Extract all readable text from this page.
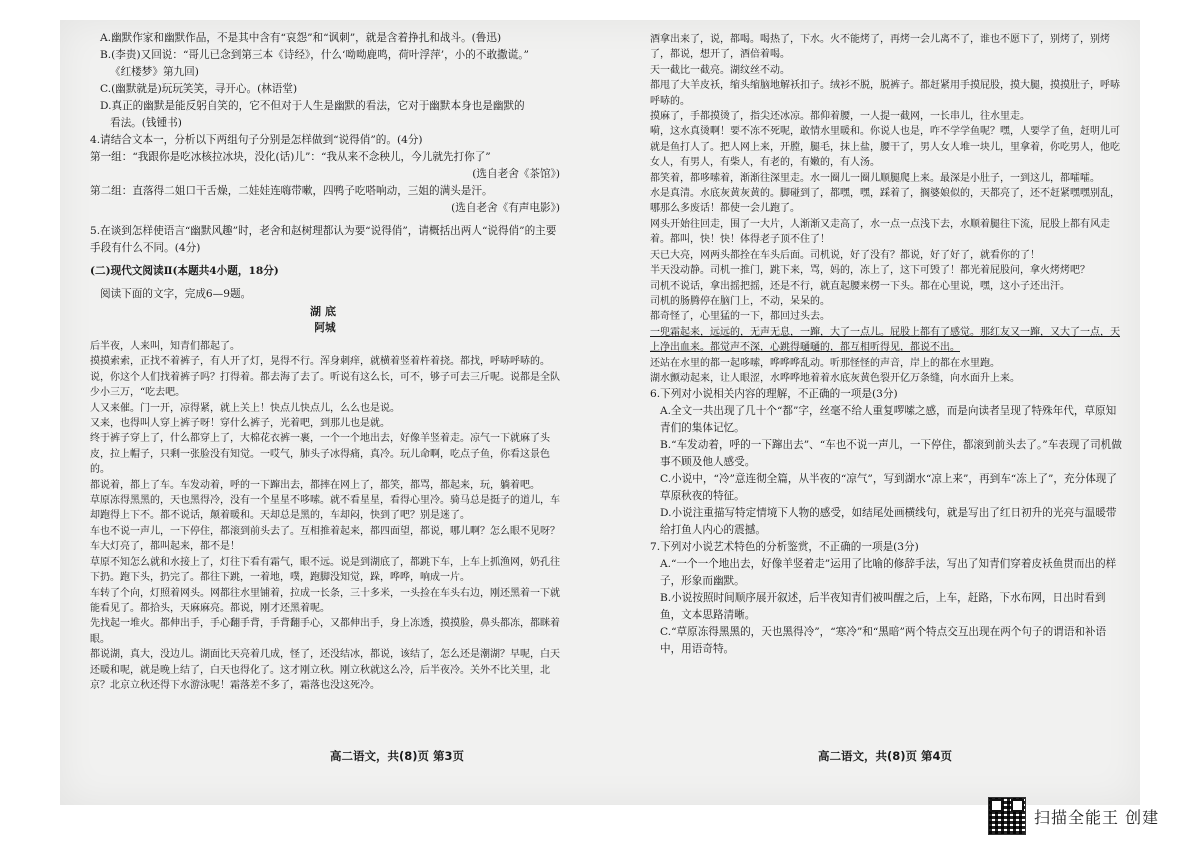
A.幽默作家和幽默作品，不是其中含有“哀怨”和“讽刺”，就是含着挣扎和战斗。(鲁迅)

B.(李贵)又回说：“哥儿已念到第三本《诗经》，什么‘呦呦鹿鸣，荷叶浮萍’，小的不敢撒谎。”

《红楼梦》第九回)

C.(幽默就是)玩玩笑笑，寻开心。(林语堂)

D.真正的幽默是能反躬自笑的，它不但对于人生是幽默的看法，它对于幽默本身也是幽默的

看法。(钱锺书)

4.请结合文本一，分析以下两组句子分别是怎样做到“说得俏”的。(4分)

第一组：“我跟你是吃冰核拉冰块，没化(话)儿”：“我从来不念秧儿，今儿就先打你了”

(选自老舍《茶馆》)

第二组：直落得二姐口干舌燥，二娃娃连嗨带嗽，四鸭子吃嗒响动，三姐的满头是汗。

(选自老舍《有声电影》)

5.在谈到怎样使语言“幽默风趣”时，老舍和赵树理都认为要“说得俏”，请概括出两人“说得俏”的主要手段有什么不同。(4分)

(二)现代文阅读Ⅱ(本题共4小题，18分)

阅读下面的文字，完成6—9题。

湖底

阿城

后半夜，人来叫，知青们都起了。

摸摸索索，正找不着裤子，有人开了灯，晃得不行。浑身刺痒，就横着竖着杵着挠。都找，呼哧呼哧的。说，你这个人们找着裤子吗？打得着。都去海了去了。听说有这么长，可不，够子可去三斤呢。说都是全队少小三万，“吃去吧。

人又来催。门一开，凉得紧，就上关上！快点儿快点儿，么么也是说。

又来，也得叫人穿上裤子呀！穿什么裤子，光着吧，到那儿也是就。

终于裤子穿上了，什么都穿上了，大棉花衣裤一裹，一个一个地出去，好像羊竖着走。凉气一下就麻了头皮，拉上帽子，只剩一张脸没有知觉。一哎气，肺头子冰得痛，真冷。玩儿命啊，吃点子鱼，你看这景色的。

都说着，都上了车。车发动着，呼的一下蹿出去，都摔在网上了，都笑，都骂，都起来，玩，躺着吧。

草原冻得黑黑的，天也黑得冷，没有一个星星不哆嗦。就不看星星，看得心里冷。骑马总是挺子的道儿，车却跑得上下不。都不说话，颠着暖和。天却总是黑的，车却闷，快到了吧？别是迷了。

车也不说一声儿，一下停住，都滚到前头去了。互相推着起来，都四面望，都说，哪儿啊？怎么眼不见呀？车大灯亮了，都叫起来，都不是！

草原不知怎么就和水接上了，灯往下看有霜气，眼不远。说是到湖底了，都跳下车，上车上抓渔网，奶孔往下扔。跑下头，扔完了。都往下跳，一着地，噗，跑脚没知觉，跺，哗哗，响成一片。

车转了个向，灯照着网头。网都往水里铺着，拉成一长条，三十多米，一头捡在车头右边，刚还黑着一下就能看见了。都拾头，天麻麻亮。都说，刚才还黑着呢。

先找起一堆火。都伸出手，手心翻手背，手背翻手心，又都伸出手，身上冻透，摸摸脸，鼻头都冻，都眯着眼。

都说湖，真大，没边儿。湖面比天亮着几成，怪了，还没结冰，都说，该结了，怎么还是潮湖？早呢，白天还暖和呢，就是晚上结了，白天也得化了。这才刚立秋。刚立秋就这么冷，后半夜冷。关外不比关里，北京？北京立秋还得下水游泳呢！霜落差不多了，霜落也没这死冷。

高二语文，共(8)页 第3页

酒拿出来了，说，都喝。喝热了，下水。火不能烤了，再烤一会儿离不了，谁也不愿下了，别烤了，别烤了，都说，想开了，酒倍着喝。

天一截比一截亮。湖纹丝不动。

都甩了大羊皮袄，缩头缩脑地解袄扣子。绒衫不脱，脱裤子。都赶紧用手摸屁股，摸大腿，摸摸肚子，呼哧呼哧的。

摸麻了，手都摸烫了，指尖还冰凉。都仰着腰，一人提一截网，一长串儿，往水里走。

嗬，这水真烫啊！要不冻不死呢，敢情水里暖和。你说人也是，咋不学学鱼呢？嘿，人要学了鱼，赶明儿可就是鱼打人了。把人网上来，开膛，腿毛，抹上盐，腰干了，男人女人堆一块儿，里拿着，你吃男人，他吃女人，有男人，有柴人，有老的，有嫩的，有人汤。

都笑着，都哆嗦着，渐渐往深里走。水一圈儿一圈儿顺腿爬上来。最深是小肚子，一到这儿，都嚯嚯。

水是真清。水底灰黄灰黄的。脚碰到了，都嘿，嘿，踩着了，搁婆娘似的，天都亮了，还不赶紧嘿嘿别乱，哪那么多废话！都使一会儿跑了。

网头开始往回走，围了一大片，人渐渐又走高了，水一点一点浅下去，水顺着腿往下流，屁股上都有风走着。都叫，快！快！体得老子顶不住了！

天已大亮，网两头都拴在车头后面。司机说，好了没有？都说，好了好了，就看你的了！

半天没动静。司机一推门，跳下来，骂，妈的，冻上了，这下可毁了！都光着屁股问，拿火烤烤吧？

司机不说话，拿出摇把摇，还是不行，就直起腰来楞一下头。都在心里说，嘿，这小子还出汗。

司机的肠腾停在脑门上，不动，呆呆的。

都奇怪了，心里猛的一下，都回过头去。

一兜霜起来，远远的，无声无息，一蹿，大了一点儿。屁股上都有了感觉。那红友又一蹿，又大了一点，天上净出血来。都觉声不深，心跳得嗵嗵的，都互相听得见，都说不出。

还站在水里的都一起哆嗦，哗哗哗乱动。听那怪怪的声音，岸上的都在水里跑。

湖水颤动起来，让人眼涩，水哗哗地着着水底灰黄色裂开亿万条缝，向水面升上来。

6.下列对小说相关内容的理解，不正确的一项是(3分)

A.全文一共出现了几十个“都”字，丝毫不给人重复啰嗦之感，而是向读者呈现了特殊年代，草原知青们的集体记忆。

B.“车发动着，呼的一下蹿出去”、“车也不说一声儿，一下停住，都滚到前头去了。”车表现了司机做事不顾及他人感受。

C.小说中，“冷”意连彻全篇，从半夜的“凉气”，写到湖水“凉上来”，再到车“冻上了”，充分体现了草原秋夜的特征。

D.小说注重描写特定情境下人物的感受，如结尾处画横线句，就是写出了红日初升的光亮与温暖带给打鱼人内心的震撼。

7.下列对小说艺术特色的分析鉴赏，不正确的一项是(3分)

A.“一个一个地出去，好像羊竖着走”运用了比喻的修辞手法，写出了知青们穿着皮袄鱼贯而出的样子，形象而幽默。

B.小说按照时间顺序展开叙述，后半夜知青们被叫醒之后，上车，赶路，下水布网，日出时看到鱼，文本思路清晰。

C.“草原冻得黑黑的，天也黑得冷”，“寒冷”和“黑暗”两个特点交互出现在两个句子的谓语和补语中，用语奇特。

高二语文，共(8)页 第4页
扫描全能王 创建
